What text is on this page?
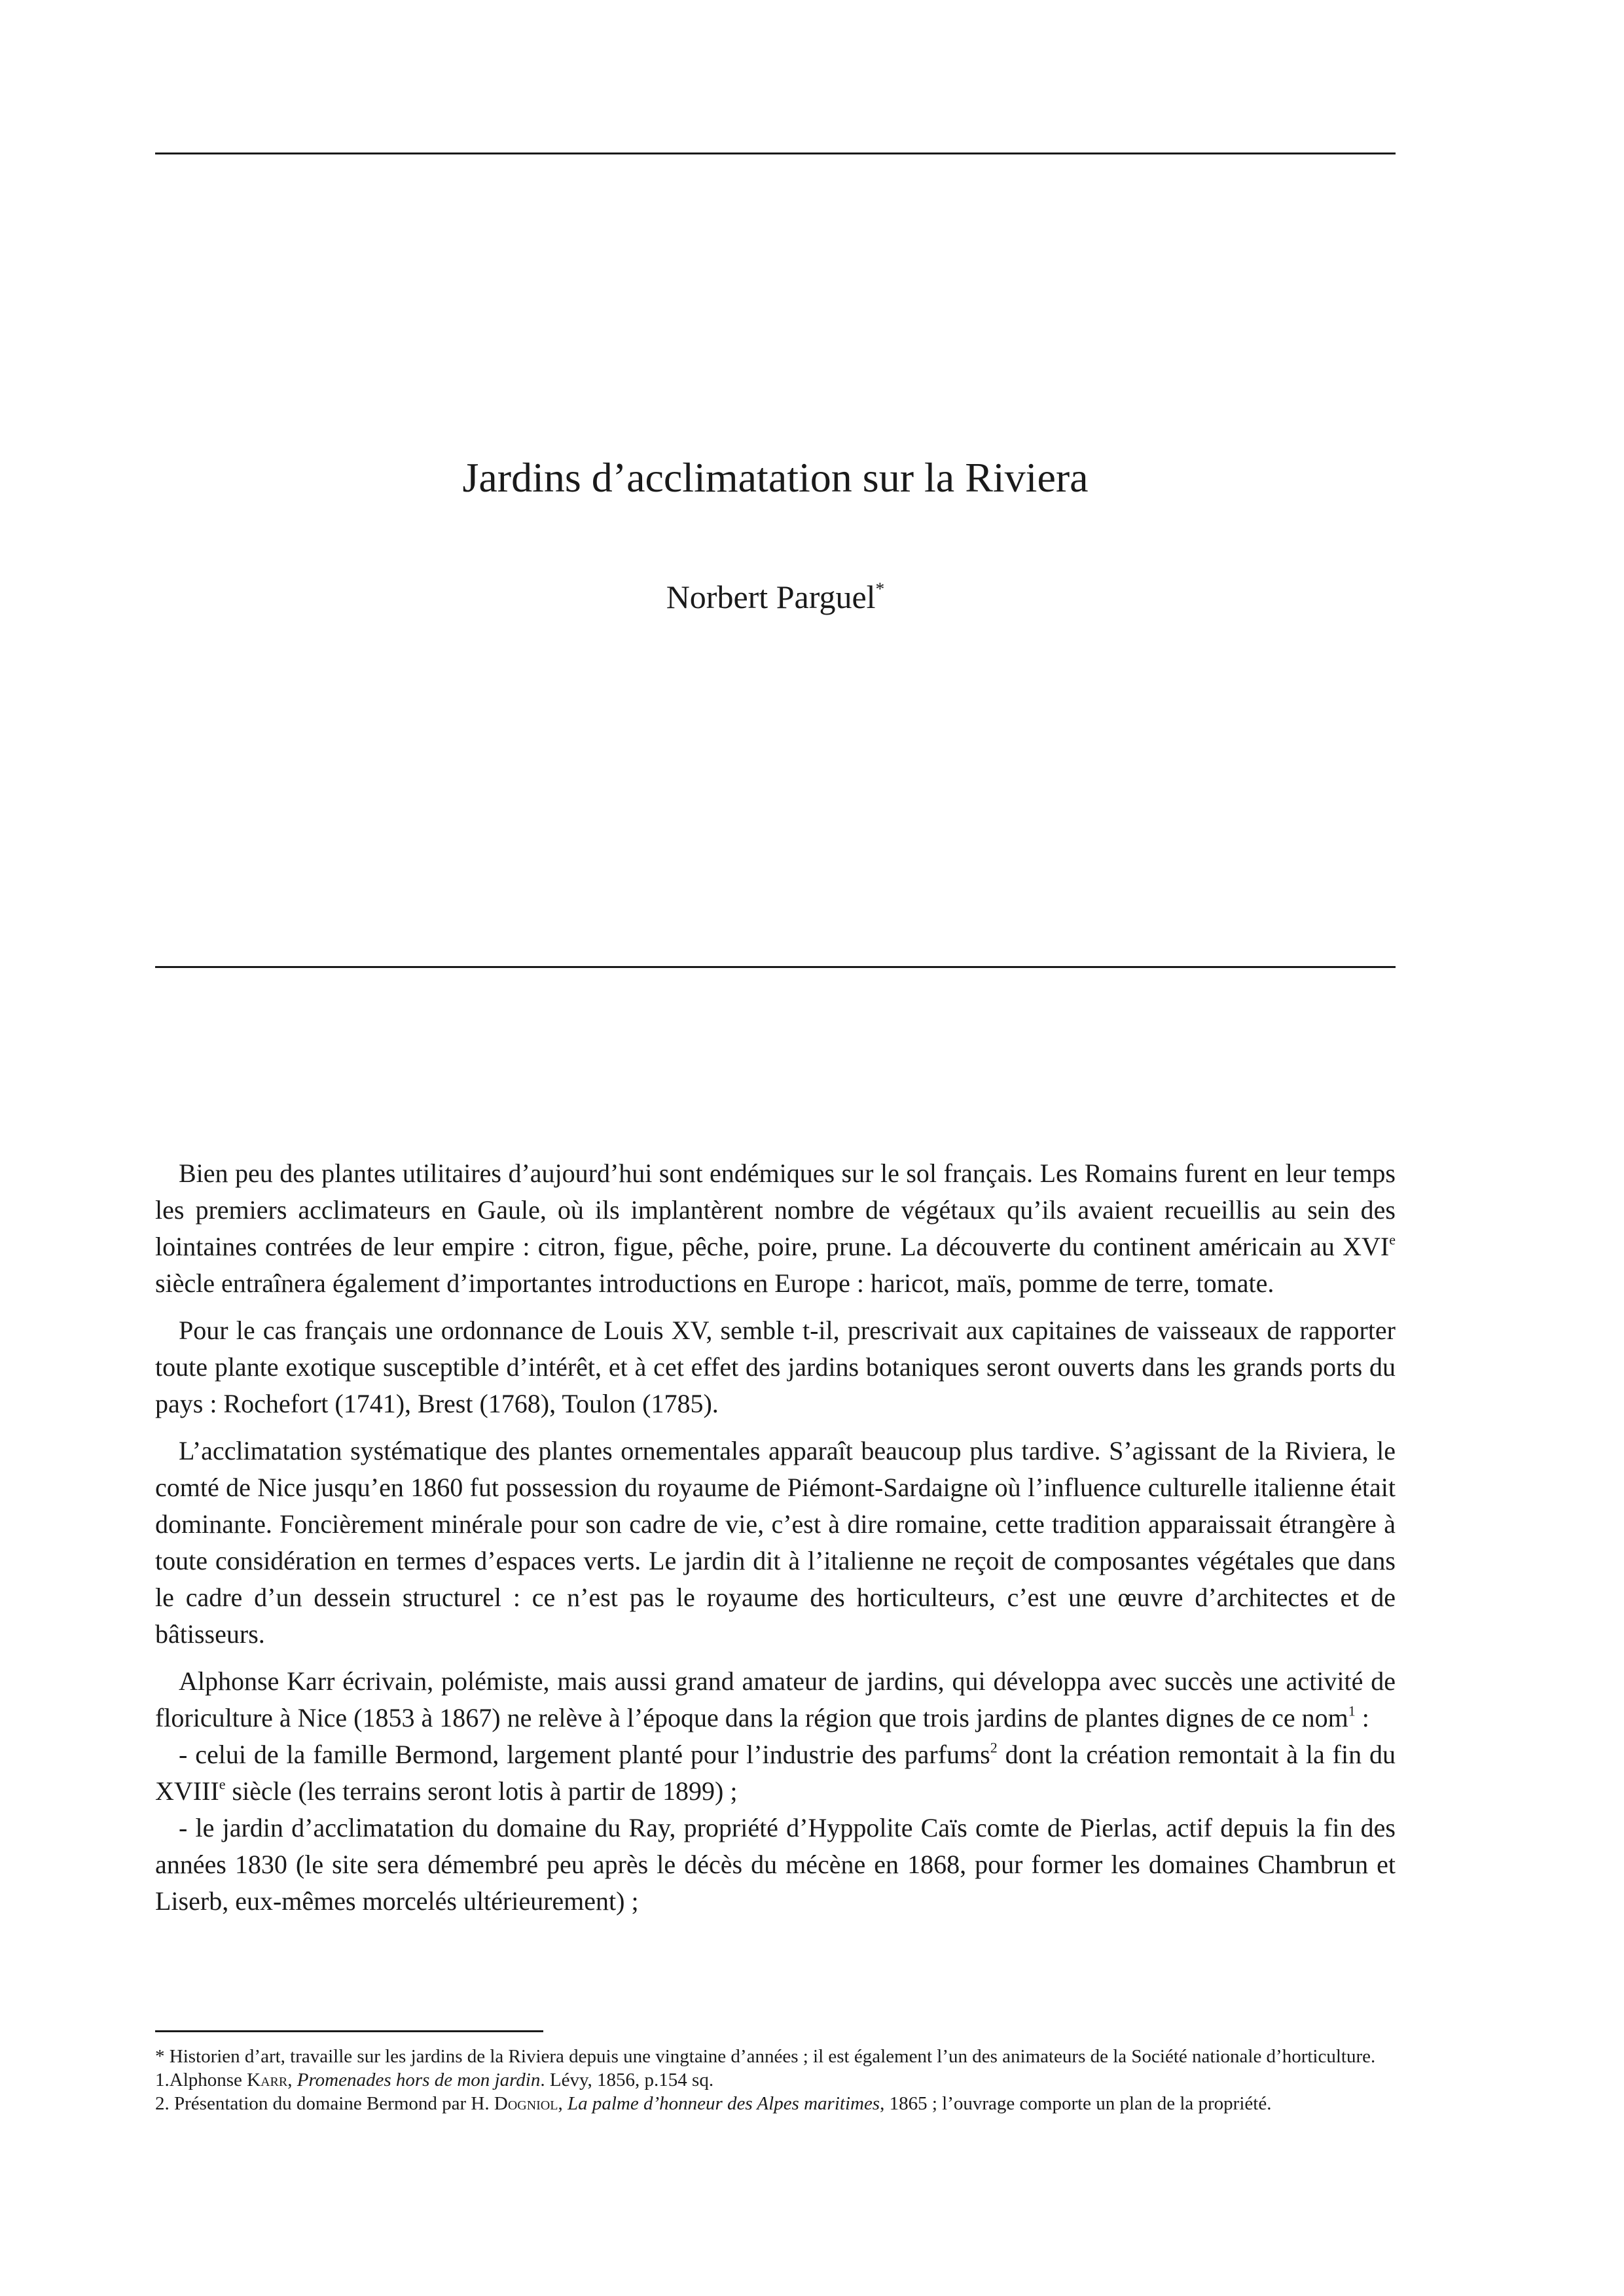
Jardins d’acclimatation sur la Riviera
Norbert Parguel*

Bien peu des plantes utilitaires d’aujourd’hui sont endémiques sur le sol français. Les Romains furent en leur temps les premiers acclimateurs en Gaule, où ils implantèrent nombre de végétaux qu’ils avaient recueillis au sein des lointaines contrées de leur empire : citron, figue, pêche, poire, prune. La découverte du continent américain au XVIe siècle entraînera également d’importantes introductions en Europe : haricot, maïs, pomme de terre, tomate.

Pour le cas français une ordonnance de Louis XV, semble t-il, prescrivait aux capitaines de vaisseaux de rapporter toute plante exotique susceptible d’intérêt, et à cet effet des jardins botaniques seront ouverts dans les grands ports du pays : Rochefort (1741), Brest (1768), Toulon (1785).

L’acclimatation systématique des plantes ornementales apparaît beaucoup plus tardive. S’agissant de la Riviera, le comté de Nice jusqu’en 1860 fut possession du royaume de Piémont-Sardaigne où l’influence culturelle italienne était dominante. Foncièrement minérale pour son cadre de vie, c’est à dire romaine, cette tradition apparaissait étrangère à toute considération en termes d’espaces verts. Le jardin dit à l’italienne ne reçoit de composantes végétales que dans le cadre d’un dessein structurel : ce n’est pas le royaume des horticulteurs, c’est une œuvre d’architectes et de bâtisseurs.

Alphonse Karr écrivain, polémiste, mais aussi grand amateur de jardins, qui développa avec succès une activité de floriculture à Nice (1853 à 1867) ne relève à l’époque dans la région que trois jardins de plantes dignes de ce nom$^1$ :

- celui de la famille Bermond, largement planté pour l’industrie des parfums$^2$ dont la création remontait à la fin du XVIIIe siècle (les terrains seront lotis à partir de 1899) ;

- le jardin d’acclimatation du domaine du Ray, propriété d’Hyppolite Caïs comte de Pierlas, actif depuis la fin des années 1830 (le site sera démembré peu après le décès du mécène en 1868, pour former les domaines Chambrun et Liserb, eux-mêmes morcelés ultérieurement) ;

* Historien d’art, travaille sur les jardins de la Riviera depuis une vingtaine d’années ; il est également l’un des animateurs de la Société nationale d’horticulture.

1.Alphonse Karr, Promenades hors de mon jardin. Lévy, 1856, p.154 sq.

2. Présentation du domaine Bermond par H. Dogniol, La palme d’honneur des Alpes maritimes, 1865 ; l’ouvrage comporte un plan de la propriété.
